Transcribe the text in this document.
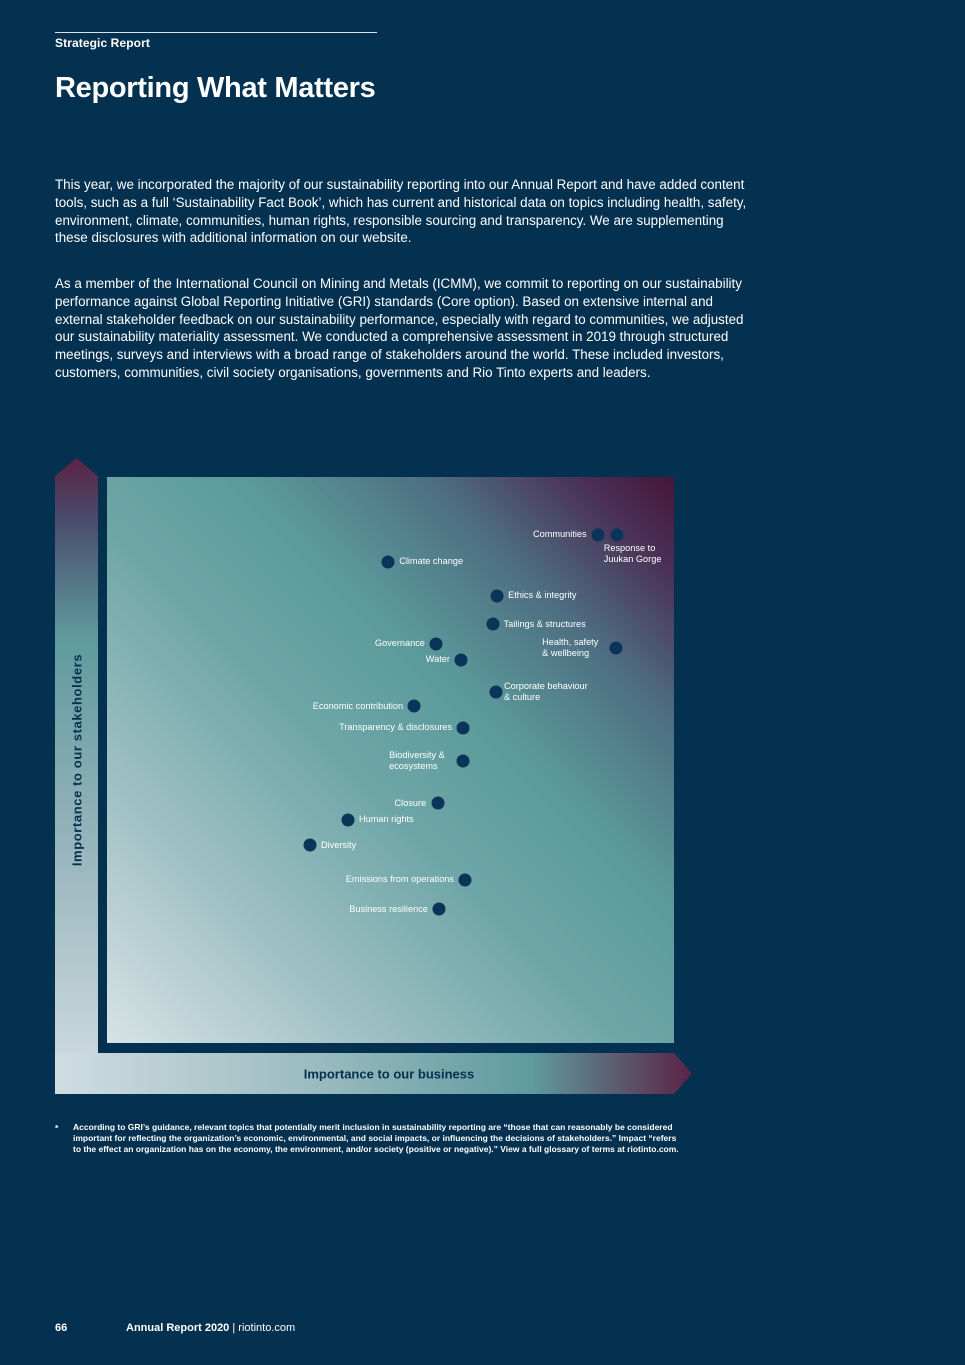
Strategic Report
Reporting What Matters

This year, we incorporated the majority of our sustainability reporting into our Annual Report and have added content tools, such as a full ‘Sustainability Fact Book’, which has current and historical data on topics including health, safety, environment, climate, communities, human rights, responsible sourcing and transparency. We are supplementing these disclosures with additional information on our website.

As a member of the International Council on Mining and Metals (ICMM), we commit to reporting on our sustainability performance against Global Reporting Initiative (GRI) standards (Core option). Based on extensive internal and external stakeholder feedback on our sustainability performance, especially with regard to communities, we adjusted our sustainability materiality assessment. We conducted a comprehensive assessment in 2019 through structured meetings, surveys and interviews with a broad range of stakeholders around the world. These included investors, customers, communities, civil society organisations, governments and Rio Tinto experts and leaders.

Importance to our stakeholders
Importance to our business
Communities
Response to
Juukan Gorge
Climate change
Ethics & integrity
Tailings & structures
Health, safety
& wellbeing
Governance
Water
Corporate behaviour
& culture
Economic contribution
Transparency & disclosures
Biodiversity &
ecosystems
Closure
Human rights
Diversity
Emissions from operations
Business resilience
* According to GRI’s guidance, relevant topics that potentially merit inclusion in sustainability reporting are “those that can reasonably be considered important for reflecting the organization’s economic, environmental, and social impacts, or influencing the decisions of stakeholders.” Impact “refers to the effect an organization has on the economy, the environment, and/or society (positive or negative).” View a full glossary of terms at riotinto.com.

66	Annual Report 2020 | riotinto.com
